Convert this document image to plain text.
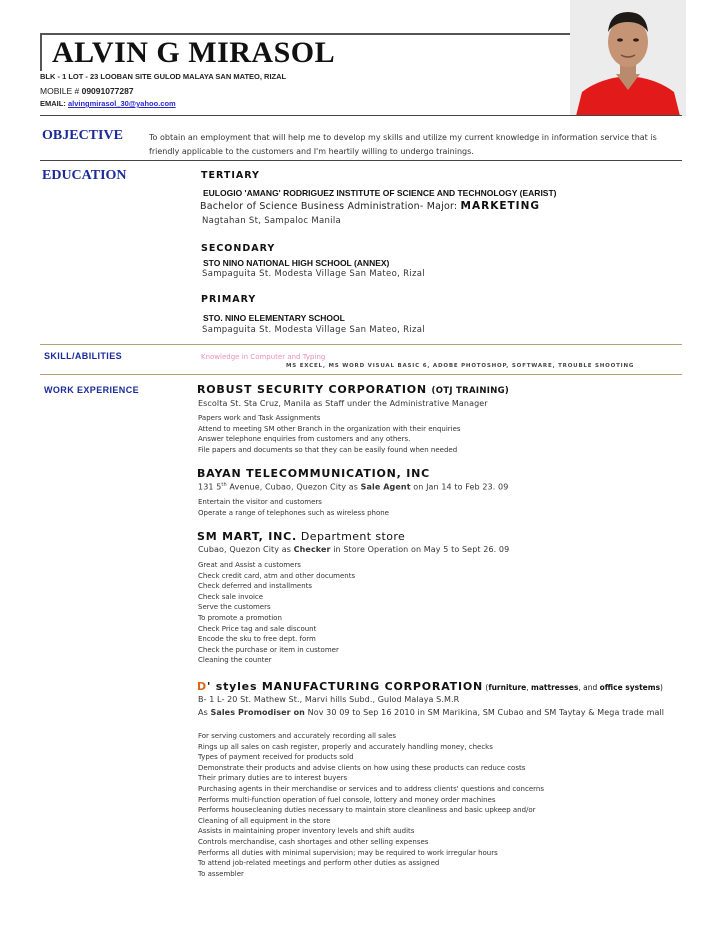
ALVIN G MIRASOL
BLK - 1 LOT - 23 LOOBAN SITE GULOD MALAYA SAN MATEO, RIZAL
MOBILE # 09091077287
EMAIL: alvingmirasol_30@yahoo.com
OBJECTIVE	To obtain an employment that will help me to develop my skills and utilize my current knowledge in information service that is
friendly applicable to the customers and I'm heartily willing to undergo trainings.
EDUCATION	TERTIARY
EULOGIO 'AMANG' RODRIGUEZ INSTITUTE OF SCIENCE AND TECHNOLOGY (EARIST)
Bachelor of Science Business Administration- Major: MARKETING
Nagtahan St, Sampaloc Manila
SECONDARY
STO NINO NATIONAL HIGH SCHOOL (ANNEX)
Sampaguita St. Modesta Village San Mateo, Rizal
PRIMARY
STO. NINO ELEMENTARY SCHOOL
Sampaguita St. Modesta Village San Mateo, Rizal
SKILL/ABILITIES	Knowledge in Computer and Typing
MS EXCEL, MS WORD VISUAL BASIC 6, ADOBE PHOTOSHOP, SOFTWARE, TROUBLE SHOOTING
WORK EXPERIENCE	ROBUST SECURITY CORPORATION (OTJ TRAINING)
Escolta St. Sta Cruz, Manila as Staff under the Administrative Manager
Papers work and Task Assignments
Attend to meeting SM other Branch in the organization with their enquiries
Answer telephone enquiries from customers and any others.
File papers and documents so that they can be easily found when needed
BAYAN TELECOMMUNICATION, INC
131 5th Avenue, Cubao, Quezon City as Sale Agent on Jan 14 to Feb 23. 09
Entertain the visitor and customers
Operate a range of telephones such as wireless phone
SM MART, INC. Department store
Cubao, Quezon City as Checker in Store Operation on May 5 to Sept 26. 09
Great and Assist a customers
Check credit card, atm and other documents
Check deferred and installments
Check sale invoice
Serve the customers
To promote a promotion
Check Price tag and sale discount
Encode the sku to free dept. form
Check the purchase or item in customer
Cleaning the counter
D' styles MANUFACTURING CORPORATION (furniture, mattresses, and office systems)
B- 1 L- 20 St. Mathew St., Marvi hills Subd., Gulod Malaya S.M.R
As Sales Promodiser on Nov 30 09 to Sep 16 2010 in SM Marikina, SM Cubao and SM Taytay & Mega trade mall
For serving customers and accurately recording all sales
Rings up all sales on cash register, properly and accurately handling money, checks
Types of payment received for products sold
Demonstrate their products and advise clients on how using these products can reduce costs
Their primary duties are to interest buyers
Purchasing agents in their merchandise or services and to address clients' questions and concerns
Performs multi-function operation of fuel console, lottery and money order machines
Performs housecleaning duties necessary to maintain store cleanliness and basic upkeep and/or
Cleaning of all equipment in the store
Assists in maintaining proper inventory levels and shift audits
Controls merchandise, cash shortages and other selling expenses
Performs all duties with minimal supervision; may be required to work irregular hours
To attend job-related meetings and perform other duties as assigned
To assembler
